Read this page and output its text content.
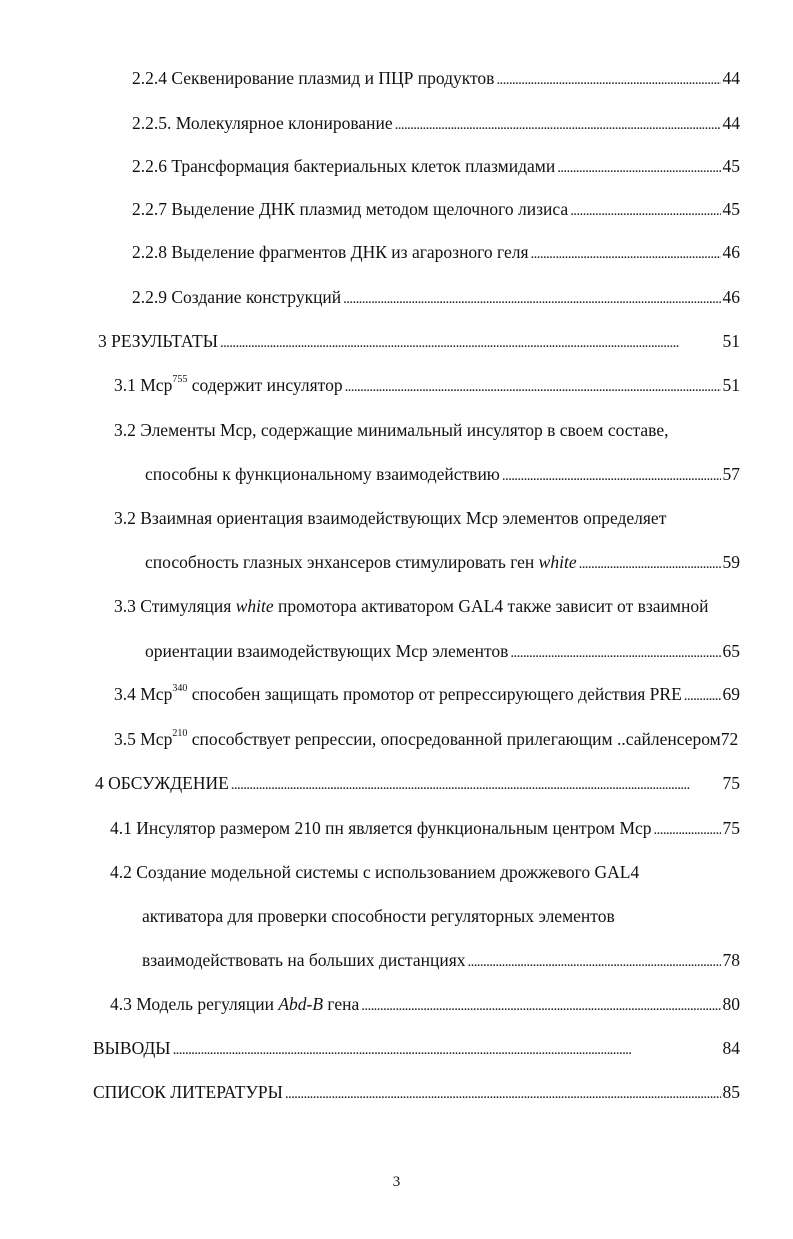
2.2.4 Секвенирование плазмид и ПЦР продуктов . . .	44
2.2.5. Молекулярное клонирование . . .	44
2.2.6 Трансформация бактериальных клеток плазмидами . . .	45
2.2.7 Выделение ДНК плазмид методом щелочного лизиса . . .	45
2.2.8 Выделение фрагментов ДНК из агарозного геля . . .	46
2.2.9 Создание конструкций . . .	46
3 РЕЗУЛЬТАТЫ . . .	51
3.1 Mcp$^{755}$ содержит инсулятор . . .	51
3.2 Элементы Mcp, содержащие минимальный инсулятор в своем составе,
способны к функциональному взаимодействию . . .	57
3.2 Взаимная ориентация взаимодействующих Mcp элементов определяет
способность глазных энхансеров стимулировать ген white . . .	59
3.3 Стимуляция white промотора активатором GAL4 также зависит от взаимной
ориентации взаимодействующих Mcp элементов . . .	65
3.4 Mcp$^{340}$ способен защищать промотор от репрессирующего действия PRE . . . 69
3.5 Mcp$^{210}$ способствует репрессии, опосредованной прилегающим ..сайленсером 72
4 ОБСУЖДЕНИЕ . . .	75
4.1 Инсулятор размером 210 пн является функциональным центром Mcp . . .	75
4.2 Создание модельной системы с использованием дрожжевого GAL4
активатора для проверки способности регуляторных элементов
взаимодействовать на больших дистанциях . . .	78
4.3 Модель регуляции Abd-B гена . . .	80
ВЫВОДЫ . . .	84
СПИСОК ЛИТЕРАТУРЫ . . .	85
3
